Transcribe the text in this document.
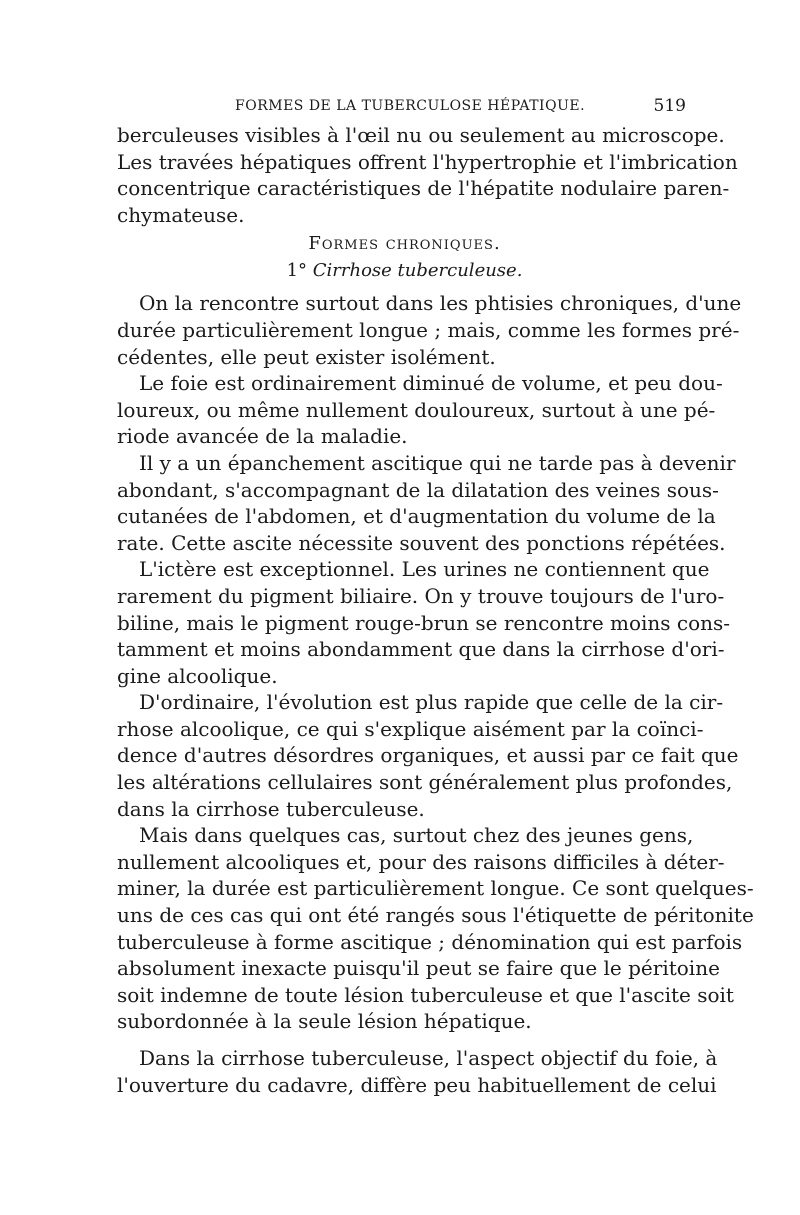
FORMES DE LA TUBERCULOSE HÉPATIQUE.	519
berculeuses visibles à l'œil nu ou seulement au microscope.
Les travées hépatiques offrent l'hypertrophie et l'imbrication
concentrique caractéristiques de l'hépatite nodulaire paren-
chymateuse.
Formes chroniques.
1° Cirrhose tuberculeuse.
On la rencontre surtout dans les phtisies chroniques, d'une
durée particulièrement longue ; mais, comme les formes pré-
cédentes, elle peut exister isolément.
Le foie est ordinairement diminué de volume, et peu dou-
loureux, ou même nullement douloureux, surtout à une pé-
riode avancée de la maladie.
Il y a un épanchement ascitique qui ne tarde pas à devenir
abondant, s'accompagnant de la dilatation des veines sous-
cutanées de l'abdomen, et d'augmentation du volume de la
rate. Cette ascite nécessite souvent des ponctions répétées.
L'ictère est exceptionnel. Les urines ne contiennent que
rarement du pigment biliaire. On y trouve toujours de l'uro-
biline, mais le pigment rouge-brun se rencontre moins cons-
tamment et moins abondamment que dans la cirrhose d'ori-
gine alcoolique.
D'ordinaire, l'évolution est plus rapide que celle de la cir-
rhose alcoolique, ce qui s'explique aisément par la coïnci-
dence d'autres désordres organiques, et aussi par ce fait que
les altérations cellulaires sont généralement plus profondes,
dans la cirrhose tuberculeuse.
Mais dans quelques cas, surtout chez des jeunes gens,
nullement alcooliques et, pour des raisons difficiles à déter-
miner, la durée est particulièrement longue. Ce sont quelques-
uns de ces cas qui ont été rangés sous l'étiquette de péritonite
tuberculeuse à forme ascitique ; dénomination qui est parfois
absolument inexacte puisqu'il peut se faire que le péritoine
soit indemne de toute lésion tuberculeuse et que l'ascite soit
subordonnée à la seule lésion hépatique.
Dans la cirrhose tuberculeuse, l'aspect objectif du foie, à
l'ouverture du cadavre, diffère peu habituellement de celui
